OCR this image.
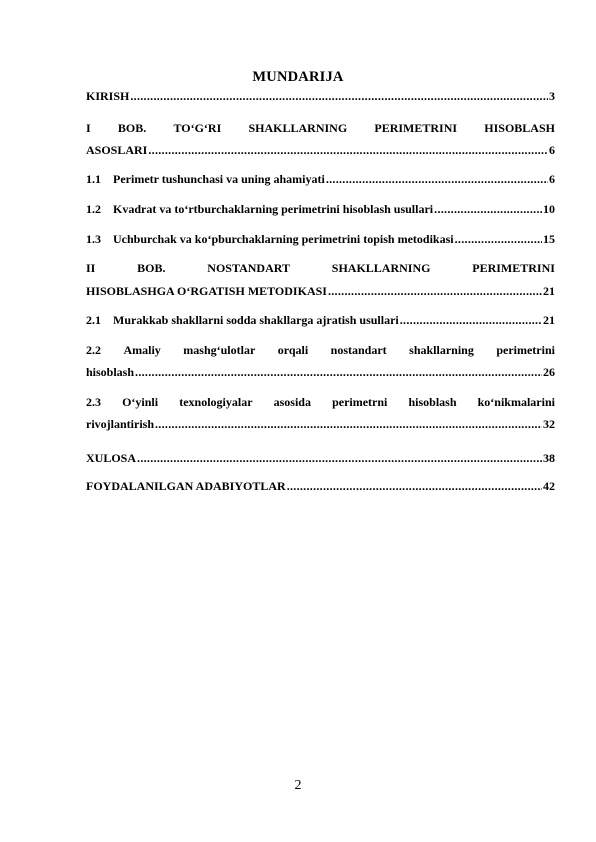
MUNDARIJA
KIRISH .....	3
I BOB. TO‘G‘RI SHAKLLARNING PERIMETRINI HISOBLASH
ASOSLARI .....	6
1.1	Perimetr tushunchasi va uning ahamiyati .....	6
1.2	Kvadrat va to‘rtburchaklarning perimetrini hisoblash usullari .....	10
1.3	Uchburchak va ko‘pburchaklarning perimetrini topish metodikasi .....	15
II	BOB.	NOSTANDART	SHAKLLARNING	PERIMETRINI
HISOBLASHGA O‘RGATISH METODIKASI .....	21
2.1	Murakkab shakllarni sodda shakllarga ajratish usullari .....	21
2.2 Amaliy mashg‘ulotlar orqali nostandart shakllarning perimetrini
hisoblash .....	26
2.3 O‘yinli texnologiyalar asosida perimetrni hisoblash ko‘nikmalarini
rivojlantirish .....	32
XULOSA .....	38
FOYDALANILGAN ADABIYOTLAR .....	42
2
